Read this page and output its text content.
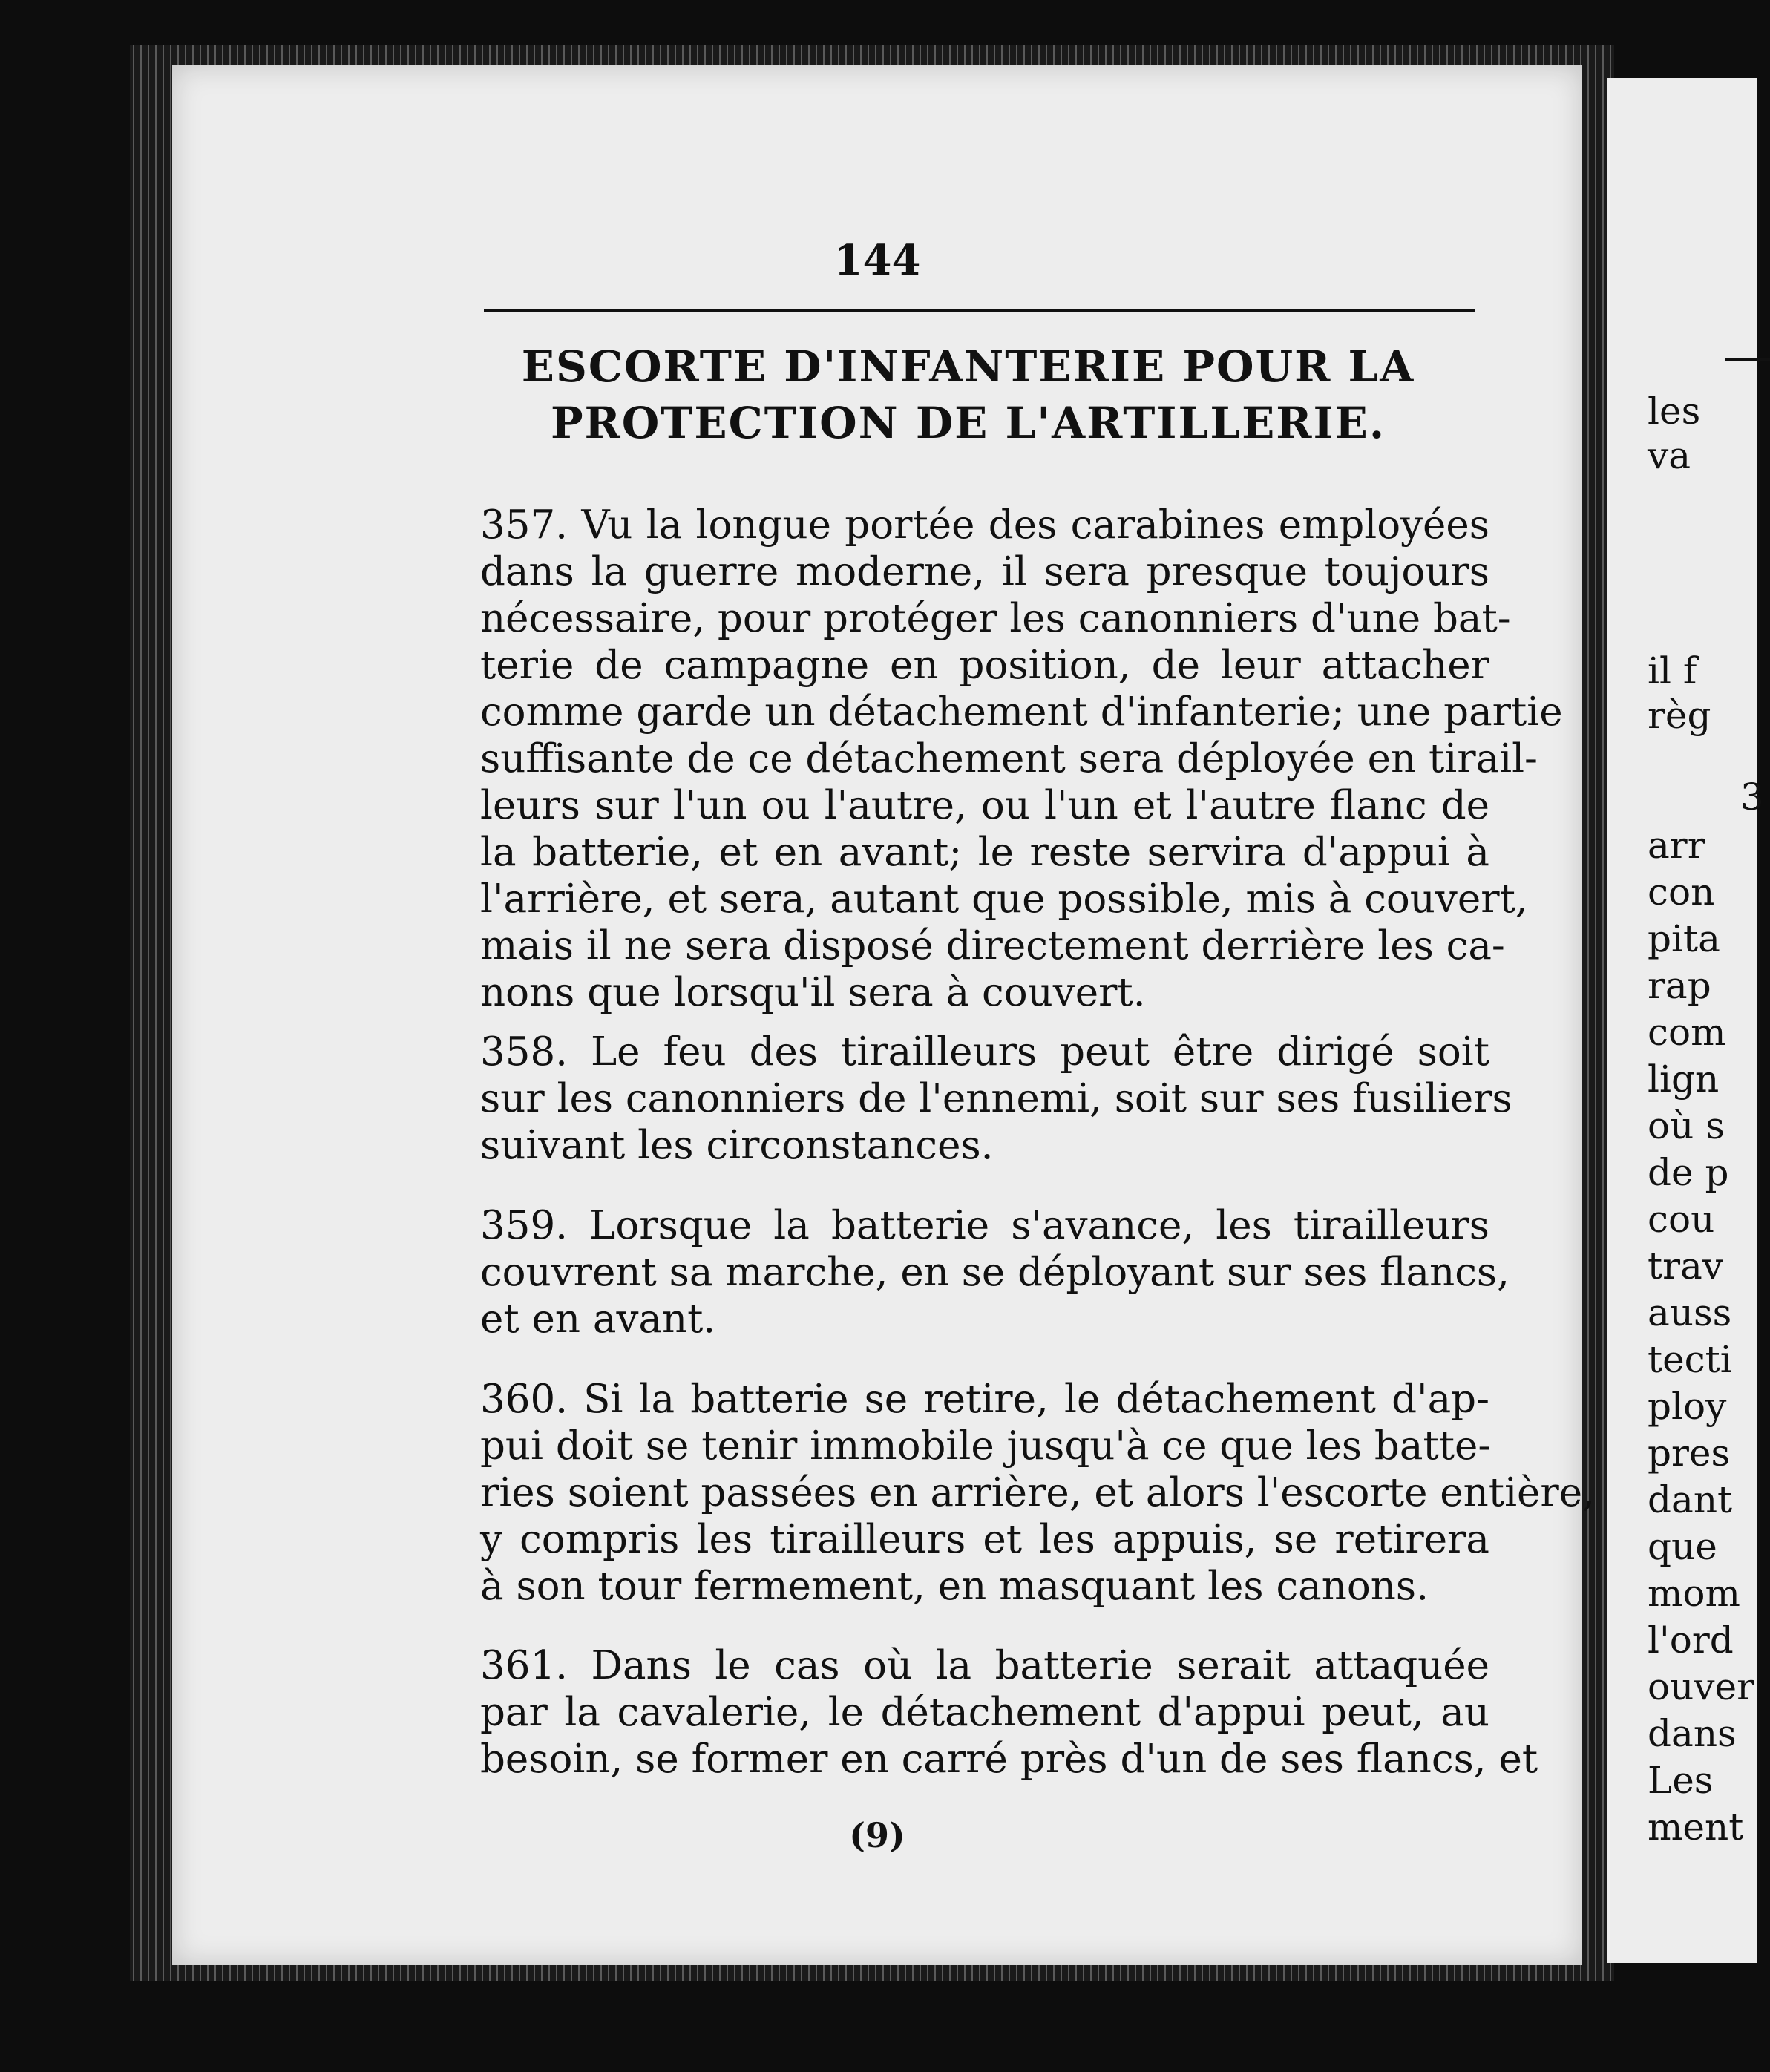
144
ESCORTE D'INFANTERIE POUR LA
PROTECTION DE L'ARTILLERIE.
357. Vu la longue portée des carabines employées
dans la guerre moderne, il sera presque toujours
nécessaire, pour protéger les canonniers d'une bat-
terie de campagne en position, de leur attacher
comme garde un détachement d'infanterie; une partie
suffisante de ce détachement sera déployée en tirail-
leurs sur l'un ou l'autre, ou l'un et l'autre flanc de
la batterie, et en avant; le reste servira d'appui à
l'arrière, et sera, autant que possible, mis à couvert,
mais il ne sera disposé directement derrière les ca-
nons que lorsqu'il sera à couvert.
358. Le feu des tirailleurs peut être dirigé soit
sur les canonniers de l'ennemi, soit sur ses fusiliers
suivant les circonstances.
359. Lorsque la batterie s'avance, les tirailleurs
couvrent sa marche, en se déployant sur ses flancs,
et en avant.
360. Si la batterie se retire, le détachement d'ap-
pui doit se tenir immobile jusqu'à ce que les batte-
ries soient passées en arrière, et alors l'escorte entière,
y compris les tirailleurs et les appuis, se retirera
à son tour fermement, en masquant les canons.
361. Dans le cas où la batterie serait attaquée
par la cavalerie, le détachement d'appui peut, au
besoin, se former en carré près d'un de ses flancs, et
(9)
les
va
il f
règ
3
arr
con
pita
rap
com
lign
où s
de p
cou
trav
auss
tecti
ploy
pres
dant
que
mom
l'ord
ouver
dans
Les
ment
